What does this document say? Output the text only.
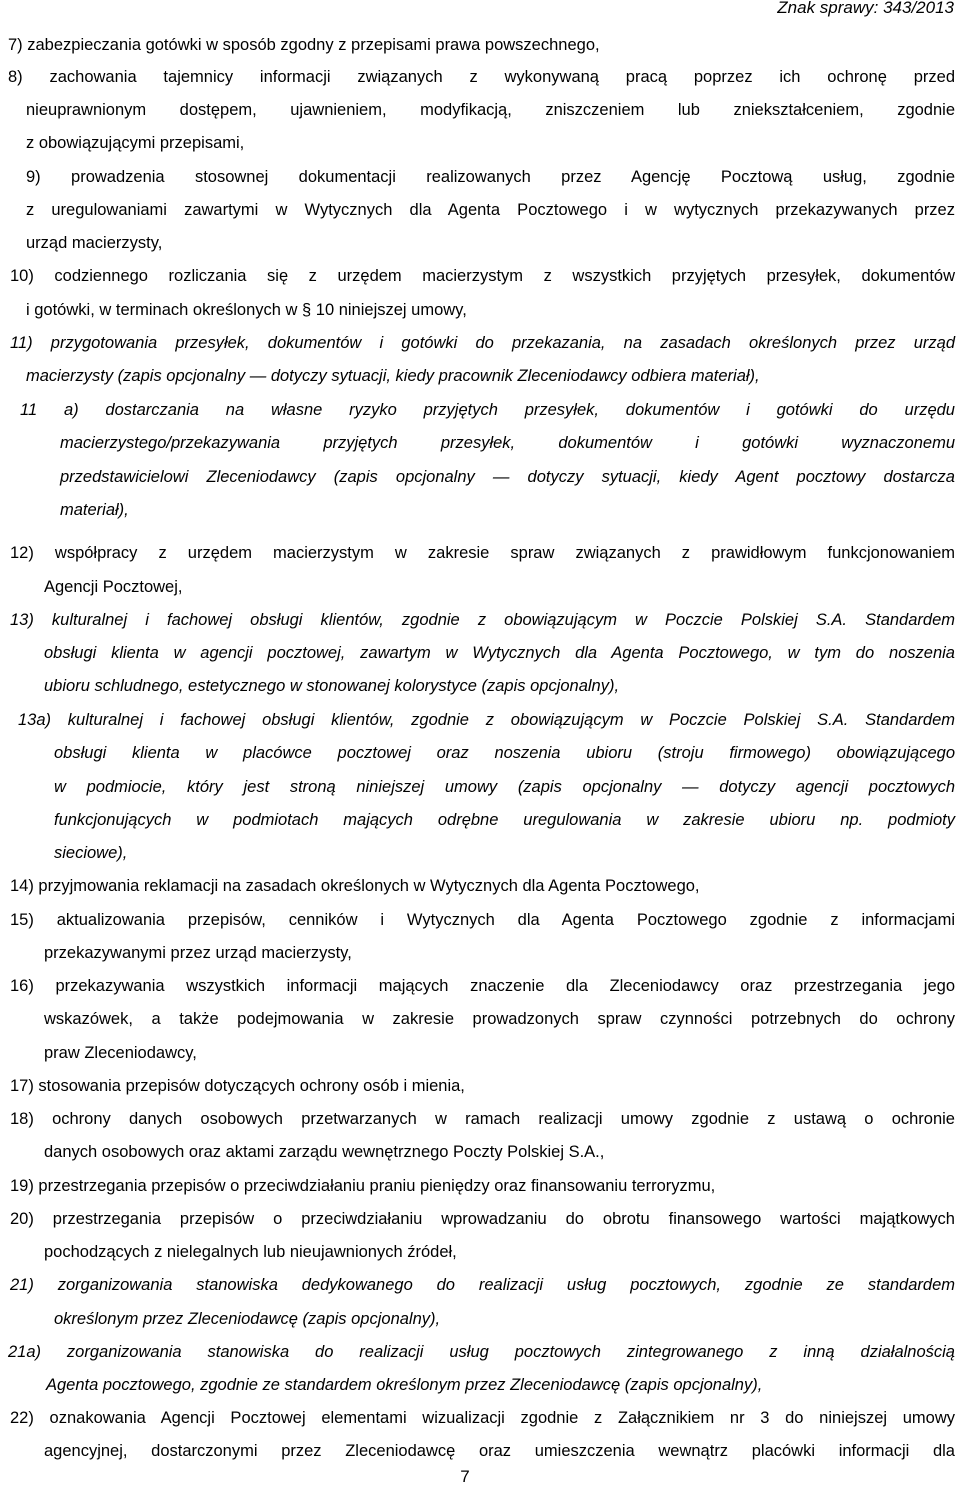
Znak sprawy: 343/2013
7) zabezpieczania gotówki w sposób zgodny z przepisami prawa powszechnego,
8) zachowania tajemnicy informacji związanych z wykonywaną pracą poprzez ich ochronę przed
nieuprawnionym dostępem, ujawnieniem, modyfikacją, zniszczeniem lub zniekształceniem, zgodnie
z obowiązującymi przepisami,
9) prowadzenia stosownej dokumentacji realizowanych przez Agencję Pocztową usług, zgodnie
z uregulowaniami zawartymi w Wytycznych dla Agenta Pocztowego i w wytycznych przekazywanych przez
urząd macierzysty,
10) codziennego rozliczania się z urzędem macierzystym z wszystkich przyjętych przesyłek, dokumentów
i gotówki, w terminach określonych w § 10 niniejszej umowy,
11) przygotowania przesyłek, dokumentów i gotówki do przekazania, na zasadach określonych przez urząd
macierzysty (zapis opcjonalny — dotyczy sytuacji, kiedy pracownik Zleceniodawcy odbiera materiał),
11 a) dostarczania na własne ryzyko przyjętych przesyłek, dokumentów i gotówki do urzędu
macierzystego/przekazywania przyjętych przesyłek, dokumentów i gotówki wyznaczonemu
przedstawicielowi Zleceniodawcy (zapis opcjonalny — dotyczy sytuacji, kiedy Agent pocztowy dostarcza
materiał),
12) współpracy z urzędem macierzystym w zakresie spraw związanych z prawidłowym funkcjonowaniem
Agencji Pocztowej,
13) kulturalnej i fachowej obsługi klientów, zgodnie z obowiązującym w Poczcie Polskiej S.A. Standardem
obsługi klienta w agencji pocztowej, zawartym w Wytycznych dla Agenta Pocztowego, w tym do noszenia
ubioru schludnego, estetycznego w stonowanej kolorystyce (zapis opcjonalny),
13a) kulturalnej i fachowej obsługi klientów, zgodnie z obowiązującym w Poczcie Polskiej S.A. Standardem
obsługi klienta w placówce pocztowej oraz noszenia ubioru (stroju firmowego) obowiązującego
w podmiocie, który jest stroną niniejszej umowy (zapis opcjonalny — dotyczy agencji pocztowych
funkcjonujących w podmiotach mających odrębne uregulowania w zakresie ubioru np. podmioty
sieciowe),
14) przyjmowania reklamacji na zasadach określonych w Wytycznych dla Agenta Pocztowego,
15) aktualizowania przepisów, cenników i Wytycznych dla Agenta Pocztowego zgodnie z informacjami
przekazywanymi przez urząd macierzysty,
16) przekazywania wszystkich informacji mających znaczenie dla Zleceniodawcy oraz przestrzegania jego
wskazówek, a także podejmowania w zakresie prowadzonych spraw czynności potrzebnych do ochrony
praw Zleceniodawcy,
17) stosowania przepisów dotyczących ochrony osób i mienia,
18) ochrony danych osobowych przetwarzanych w ramach realizacji umowy zgodnie z ustawą o ochronie
danych osobowych oraz aktami zarządu wewnętrznego Poczty Polskiej S.A.,
19) przestrzegania przepisów o przeciwdziałaniu praniu pieniędzy oraz finansowaniu terroryzmu,
20) przestrzegania przepisów o przeciwdziałaniu wprowadzaniu do obrotu finansowego wartości majątkowych
pochodzących z nielegalnych lub nieujawnionych źródeł,
21) zorganizowania stanowiska dedykowanego do realizacji usług pocztowych, zgodnie ze standardem
określonym przez Zleceniodawcę (zapis opcjonalny),
21a) zorganizowania stanowiska do realizacji usług pocztowych zintegrowanego z inną działalnością
Agenta pocztowego, zgodnie ze standardem określonym przez Zleceniodawcę (zapis opcjonalny),
22) oznakowania Agencji Pocztowej elementami wizualizacji zgodnie z Załącznikiem nr 3 do niniejszej umowy
agencyjnej, dostarczonymi przez Zleceniodawcę oraz umieszczenia wewnątrz placówki informacji dla
7
